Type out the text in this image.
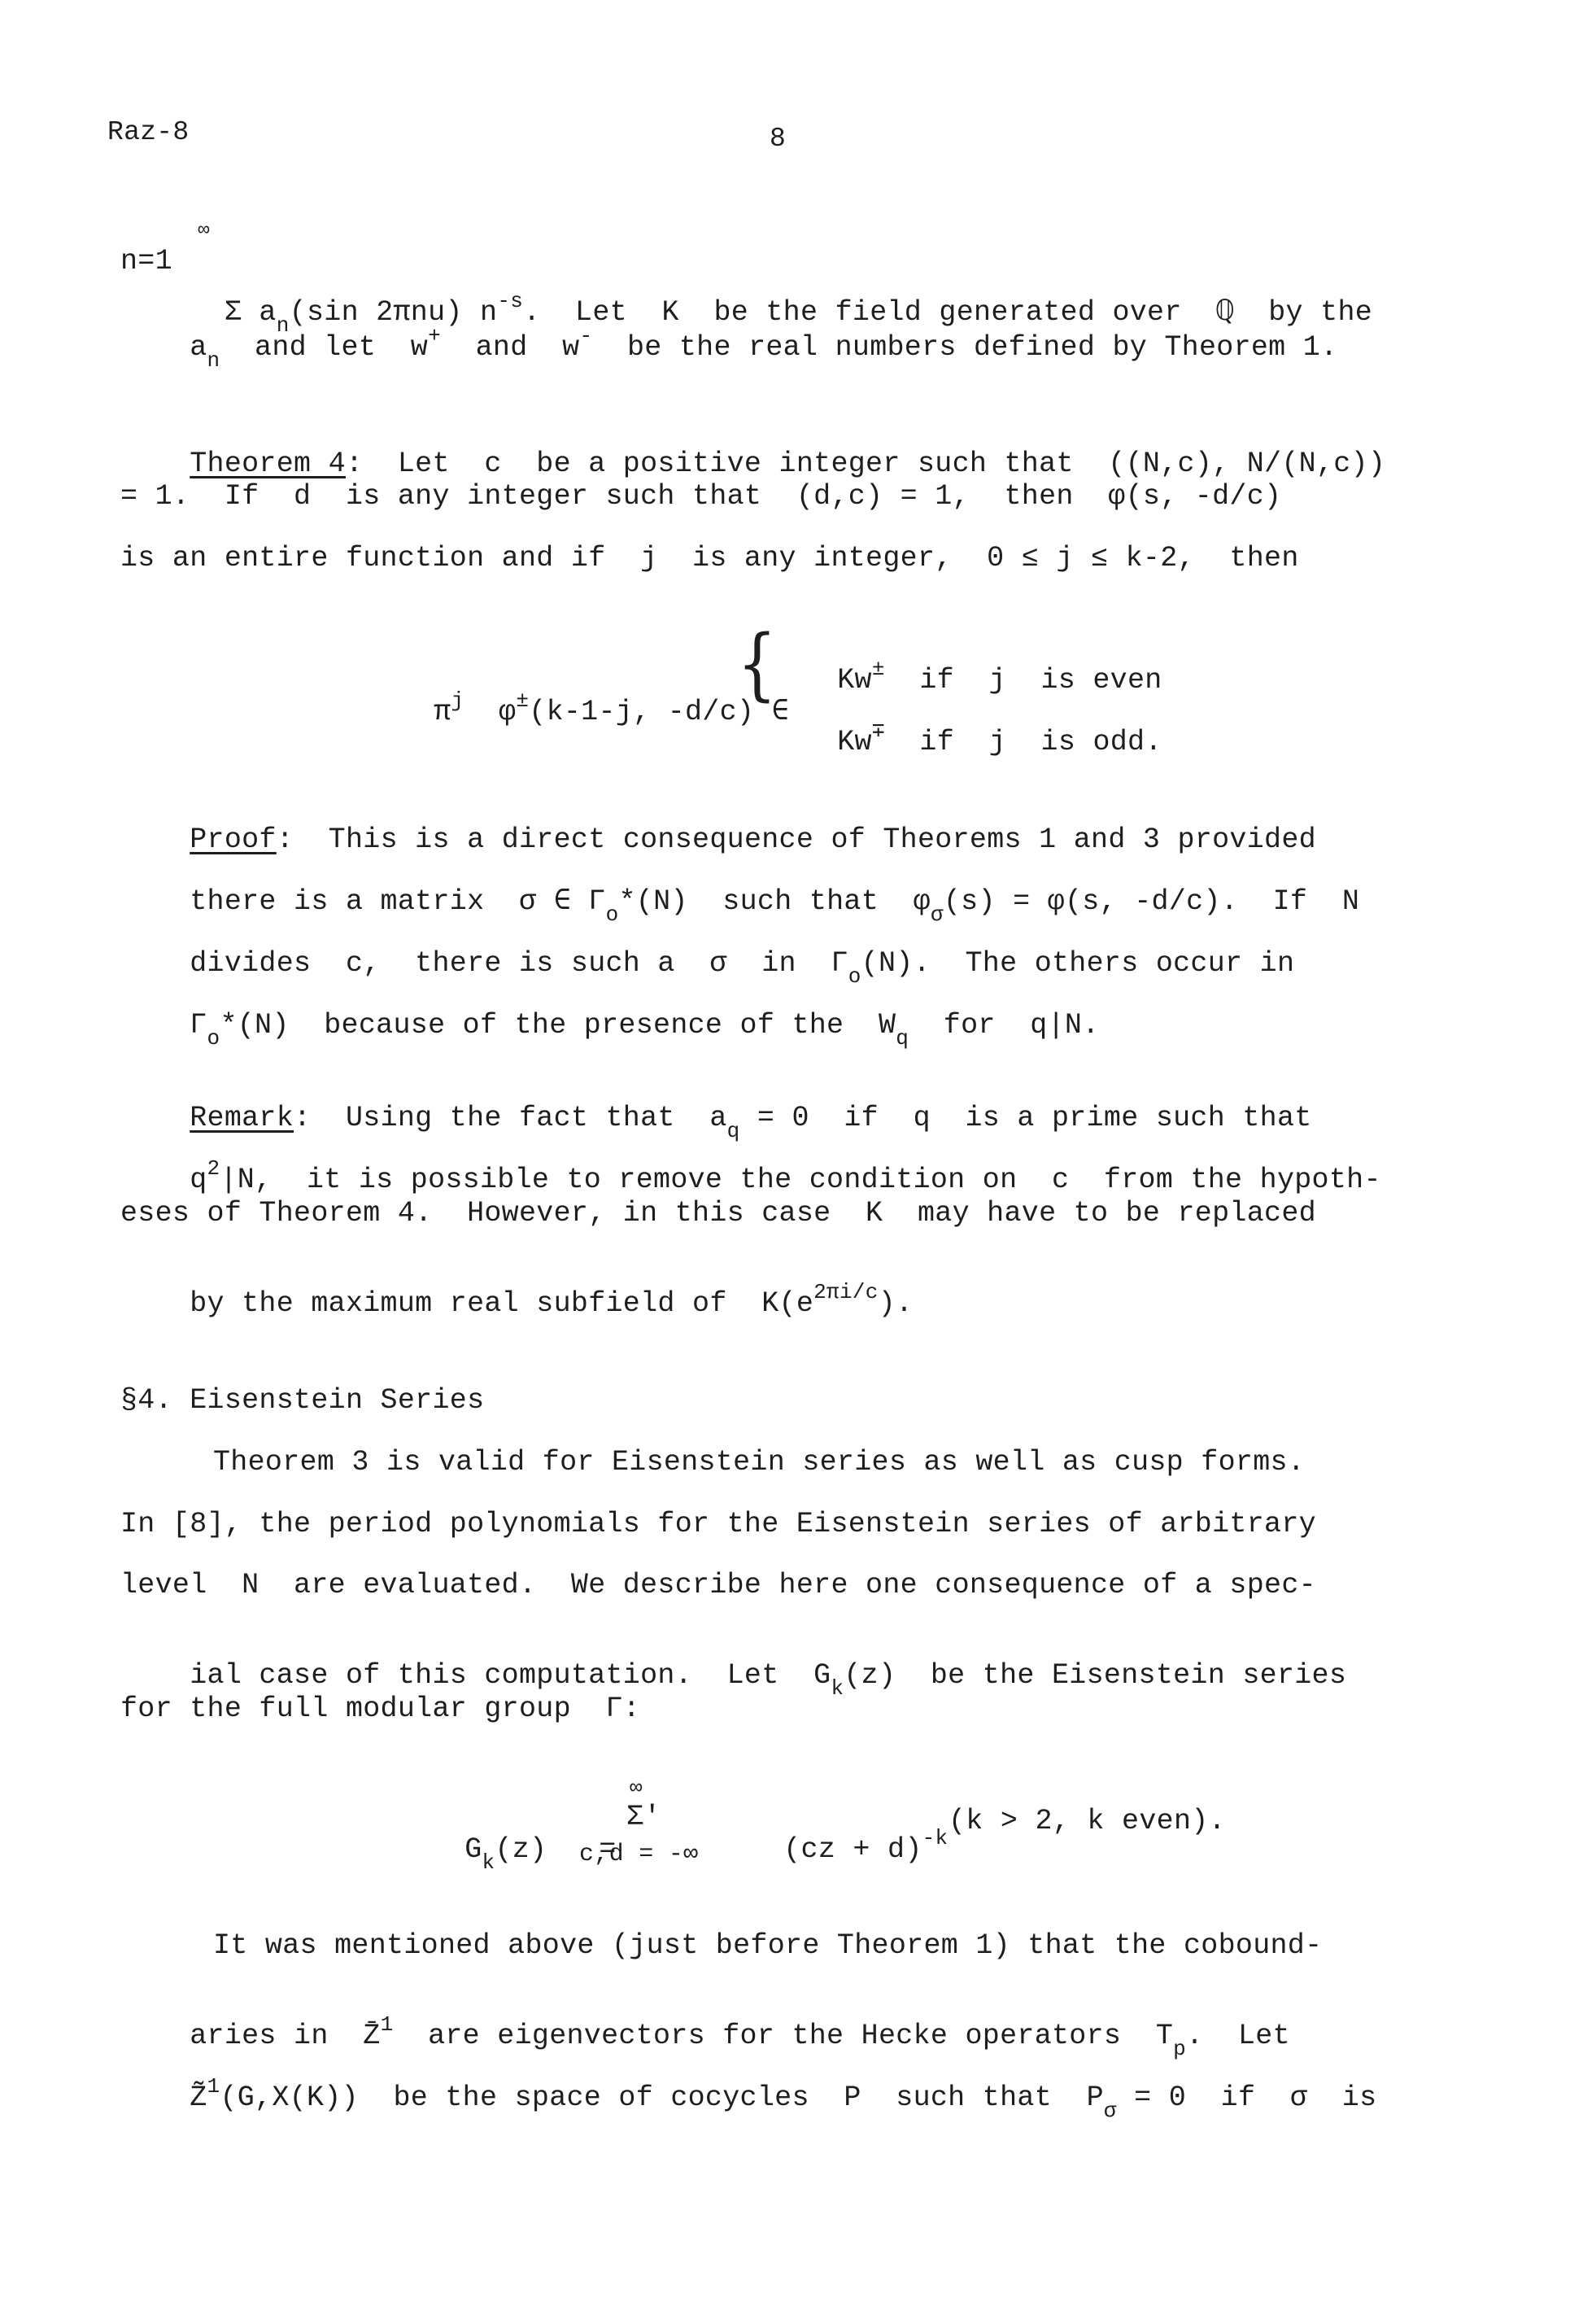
Raz-8	8

∞

Σ $a_n(\sin$ 2πnu) $n^{-s}$.  Let  K  be the field generated over  ℚ  by the

n=1

$a_n$  and let  w+  and  w-  be the real numbers defined by Theorem 1.

Theorem 4:  Let  c  be a positive integer such that  ((N,c), N/(N,c))

= 1.  If  d  is any integer such that  (d,c) = 1,  then  φ(s, -d/c)
is an entire function and if  j  is any integer,  0 ≤ j ≤ k-2,  then

$\pi^j$ φ±(k-1-j, -d/c) ∈

{	Kw± if  j  is even

Kw∓ if  j  is odd.

Proof:  This is a direct consequence of Theorems 1 and 3 provided

there is a matrix  σ ∈ $\Gamma_o*(N)$  such that  $\varphi_\sigma(s) = \varphi(s$, -d/c).  If  N

divides  c,  there is such a  σ  in  $\Gamma_o(N)$.  The others occur in

$\Gamma_o*(N)$  because of the presence of the  $W_q$  for  q|N.

Remark:  Using the fact that  $a_q = 0$  if  q  is a prime such that

$q^2|N$,  it is possible to remove the condition on  c  from the hypoth-

eses of Theorem 4.  However, in this case  K  may have to be replaced

by the maximum real subfield of  $K(e^{2\pi i/c})$.

§4. Eisenstein Series
Theorem 3 is valid for Eisenstein series as well as cusp forms.
In [8], the period polynomials for the Eisenstein series of arbitrary
level  N  are evaluated.  We describe here one consequence of a spec-

ial case of this computation.  Let  $G_k(z)$  be the Eisenstein series

for the full modular group  Γ:

$G_k(z)$   =

∞
Σ'
c,d = -∞	(cz + d)$^{-k}$

(k > 2, k even).
It was mentioned above (just before Theorem 1) that the cobound-

aries in  Z̄$^1$  are eigenvectors for the Hecke operators  $T_p$.  Let

Z̃$^1$(G,X(K))  be the space of cocycles  P  such that  $P_\sigma = 0$  if  σ  is
